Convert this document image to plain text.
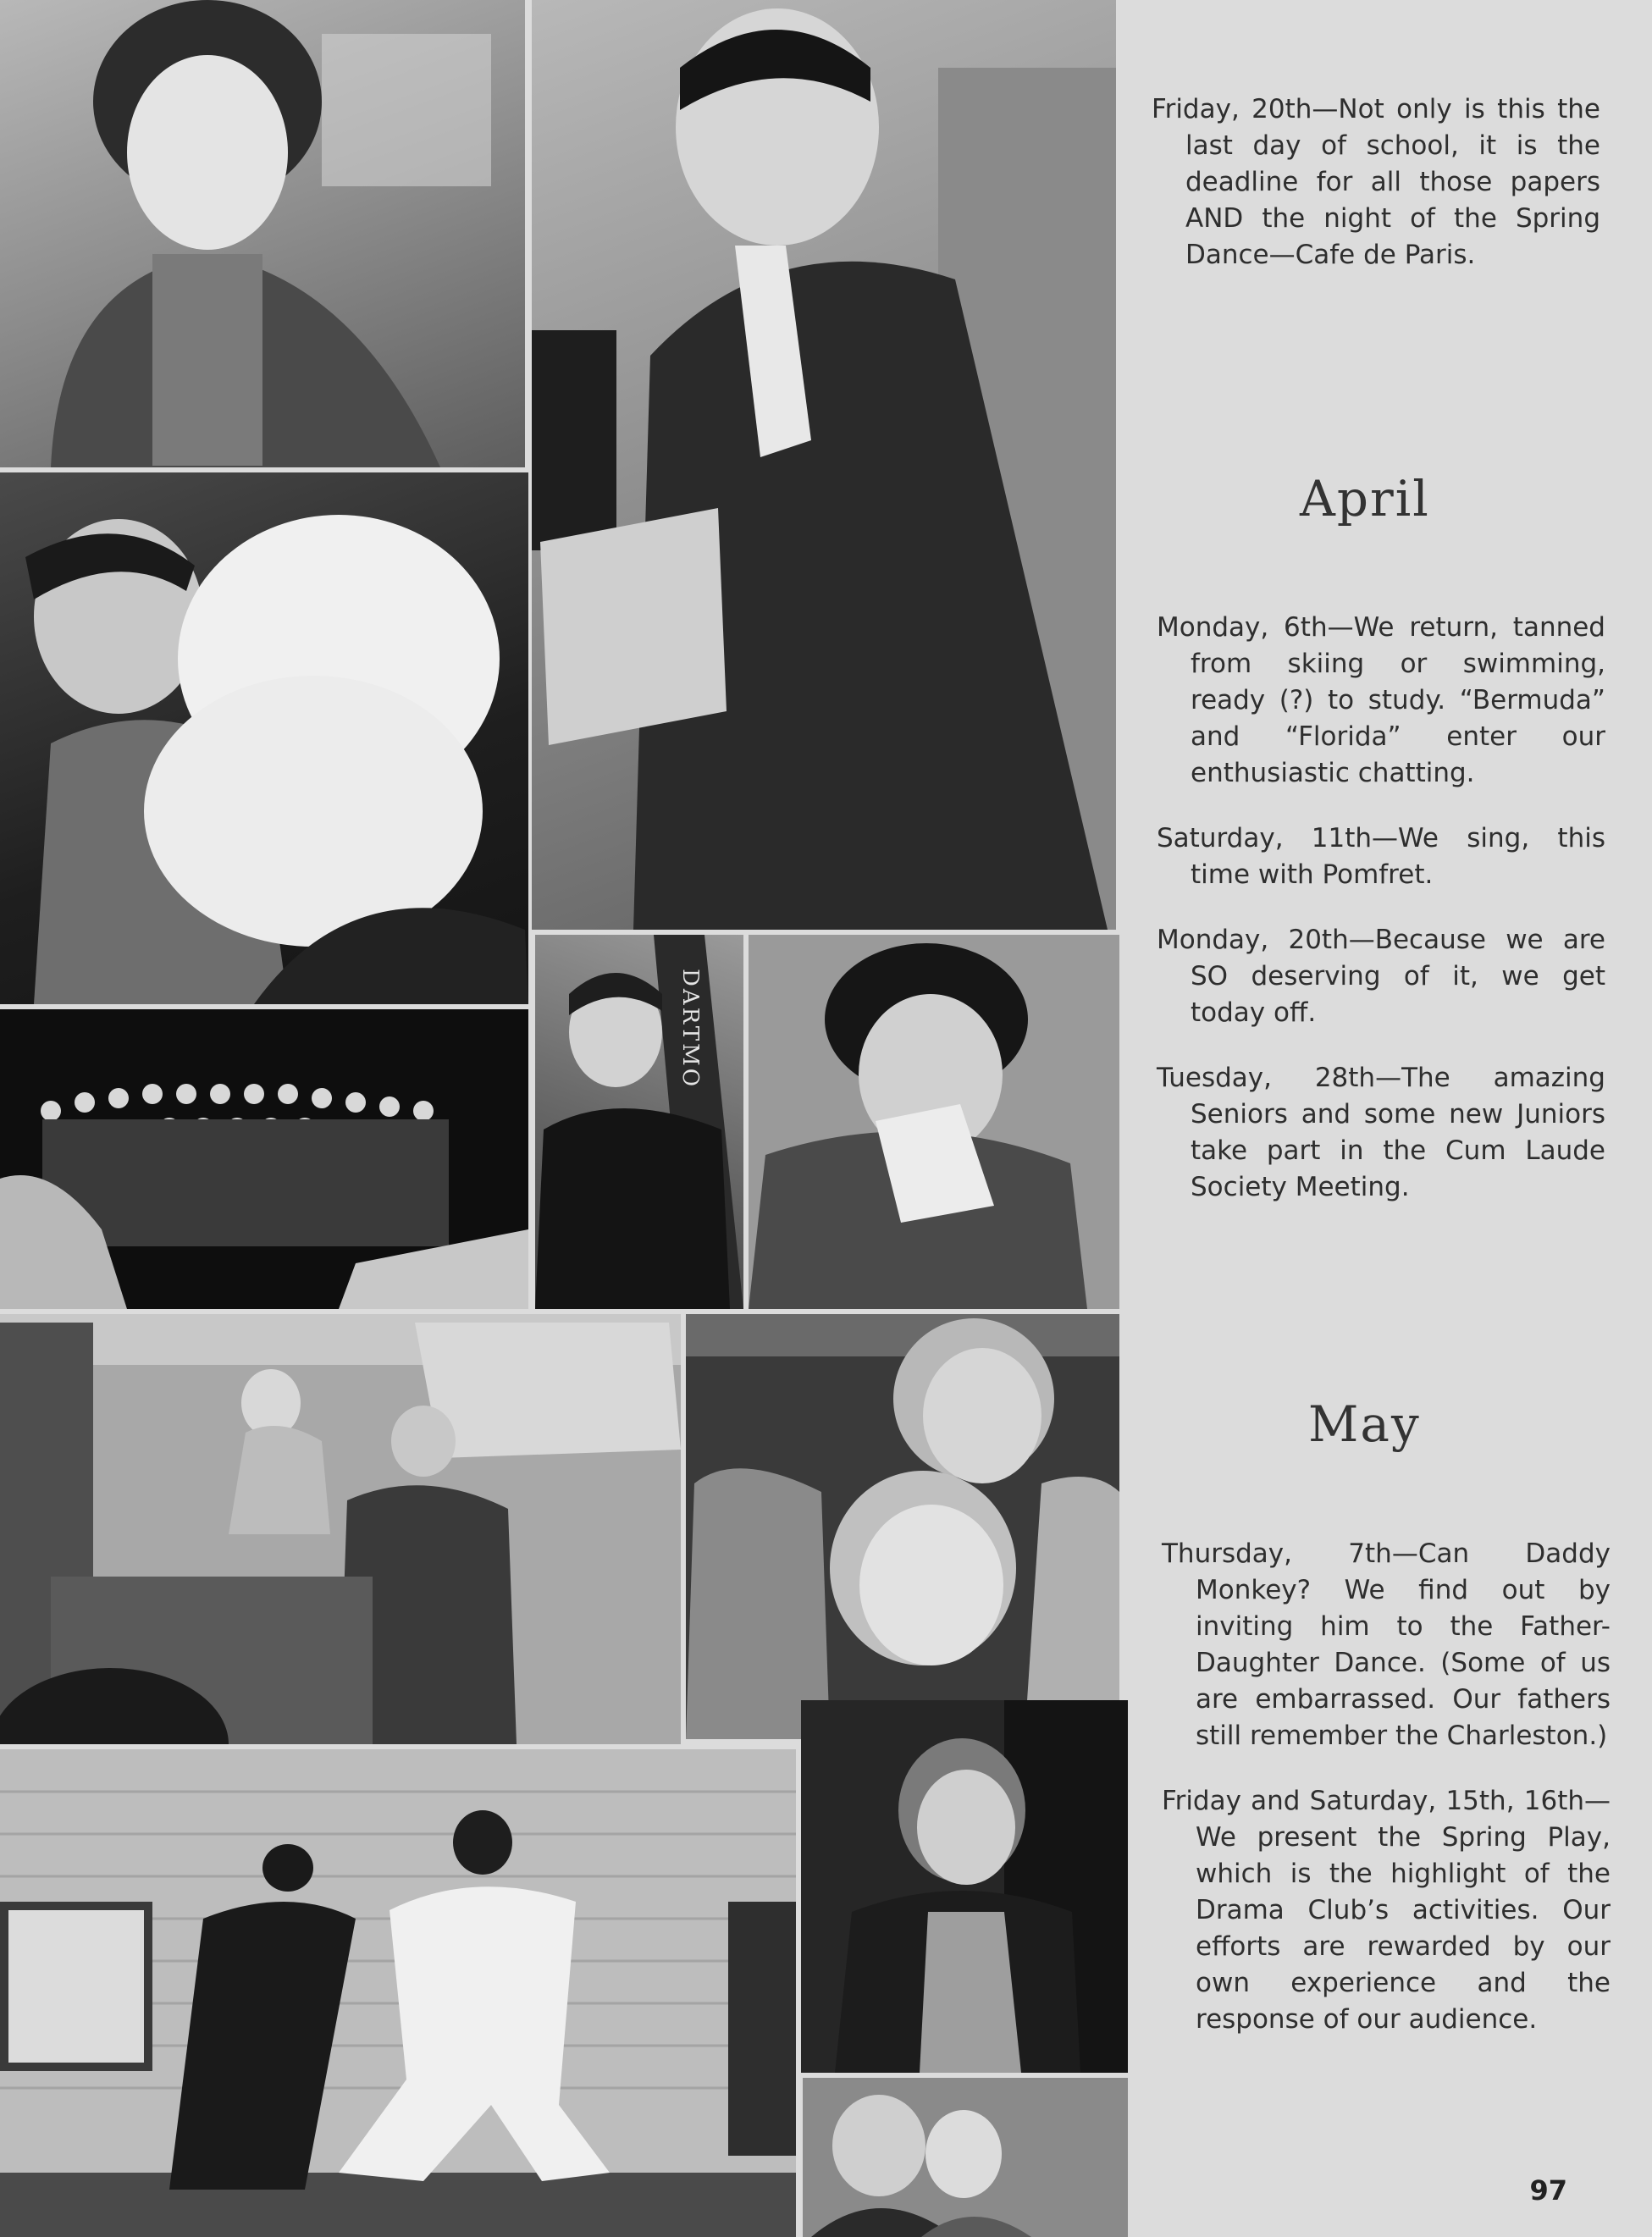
DARTMO

Friday, 20th—Not only is this the last day of school, it is the deadline for all those papers AND the night of the Spring Dance—Cafe de Paris.

April

Monday, 6th—We return, tanned from skiing or swimming, ready (?) to study. “Bermuda” and “Florida” enter our enthusiastic chatting.

Saturday, 11th—We sing, this time with Pomfret.

Monday, 20th—Because we are SO deserving of it, we get today off.

Tuesday, 28th—The amazing Seniors and some new Juniors take part in the Cum Laude Society Meeting.

May

Thursday, 7th—Can Daddy Monkey? We find out by inviting him to the Father-Daughter Dance. (Some of us are embarrassed. Our fathers still remember the Charleston.)

Friday and Saturday, 15th, 16th—We present the Spring Play, which is the highlight of the Drama Club’s activities. Our efforts are rewarded by our own experience and the response of our audience.

97
